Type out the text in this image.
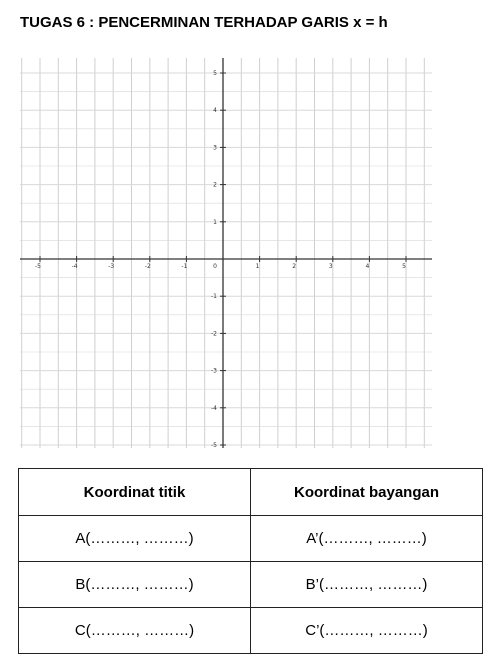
TUGAS 6 : PENCERMINAN TERHADAP GARIS x = h
-5	-4	-3	-2	-1	0	1	2	3	4	5
5
4
3
2
1
-1
-2
-3
-4
-5
Koordinat titik	Koordinat bayangan
A(………, ………)	A’(………, ………)
B(………, ………)	B’(………, ………)
C(………, ………)	C’(………, ………)
